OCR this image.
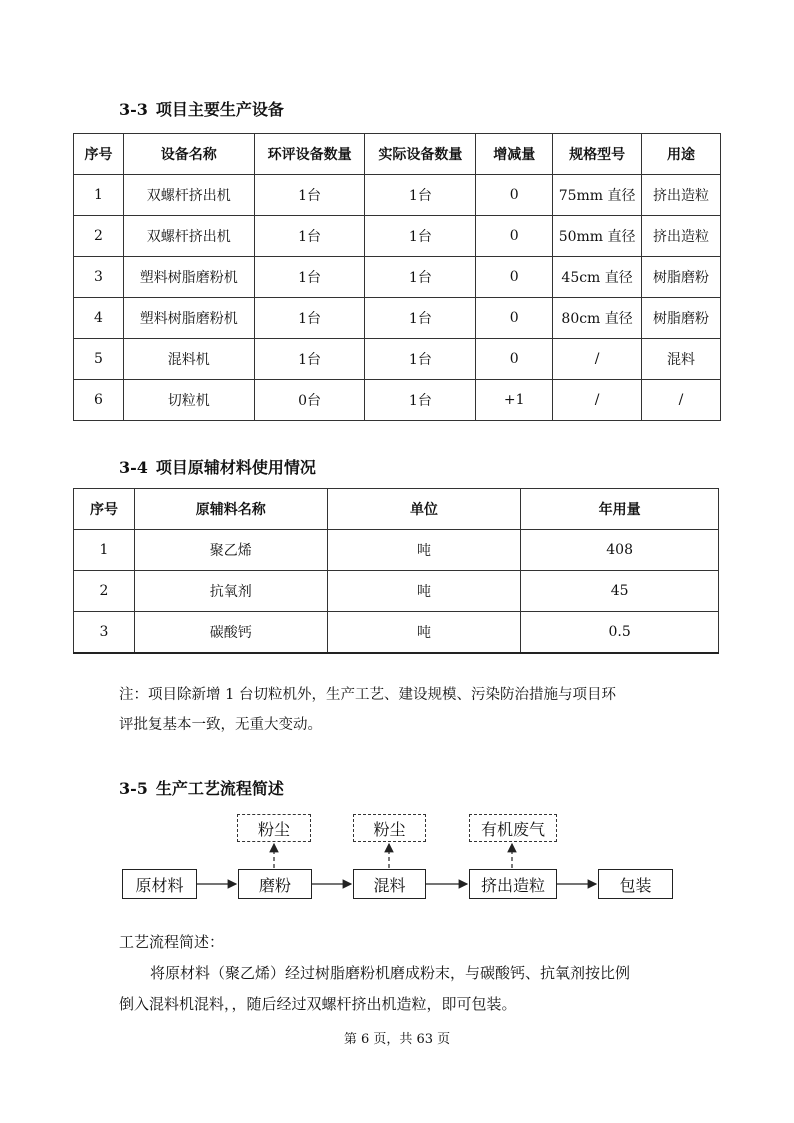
3-3 项目主要生产设备
序号	设备名称	环评设备数量	实际设备数量	增减量	规格型号	用途
1	双螺杆挤出机	1台	1台	0	75mm 直径	挤出造粒
2	双螺杆挤出机	1台	1台	0	50mm 直径	挤出造粒
3	塑料树脂磨粉机	1台	1台	0	45cm 直径	树脂磨粉
4	塑料树脂磨粉机	1台	1台	0	80cm 直径	树脂磨粉
5	混料机	1台	1台	0	/	混料
6	切粒机	0台	1台	+1	/	/
3-4 项目原辅材料使用情况
序号	原辅料名称	单位	年用量
1	聚乙烯	吨	408
2	抗氧剂	吨	45
3	碳酸钙	吨	0.5
注：项目除新增 1 台切粒机外，生产工艺、建设规模、污染防治措施与项目环
评批复基本一致，无重大变动。
3-5 生产工艺流程简述
原材料	磨粉	混料	挤出造粒	包装
粉尘	粉尘	有机废气
工艺流程简述：
将原材料（聚乙烯）经过树脂磨粉机磨成粉末，与碳酸钙、抗氧剂按比例
倒入混料机混料，，随后经过双螺杆挤出机造粒，即可包装。
第 6 页，共 63 页
